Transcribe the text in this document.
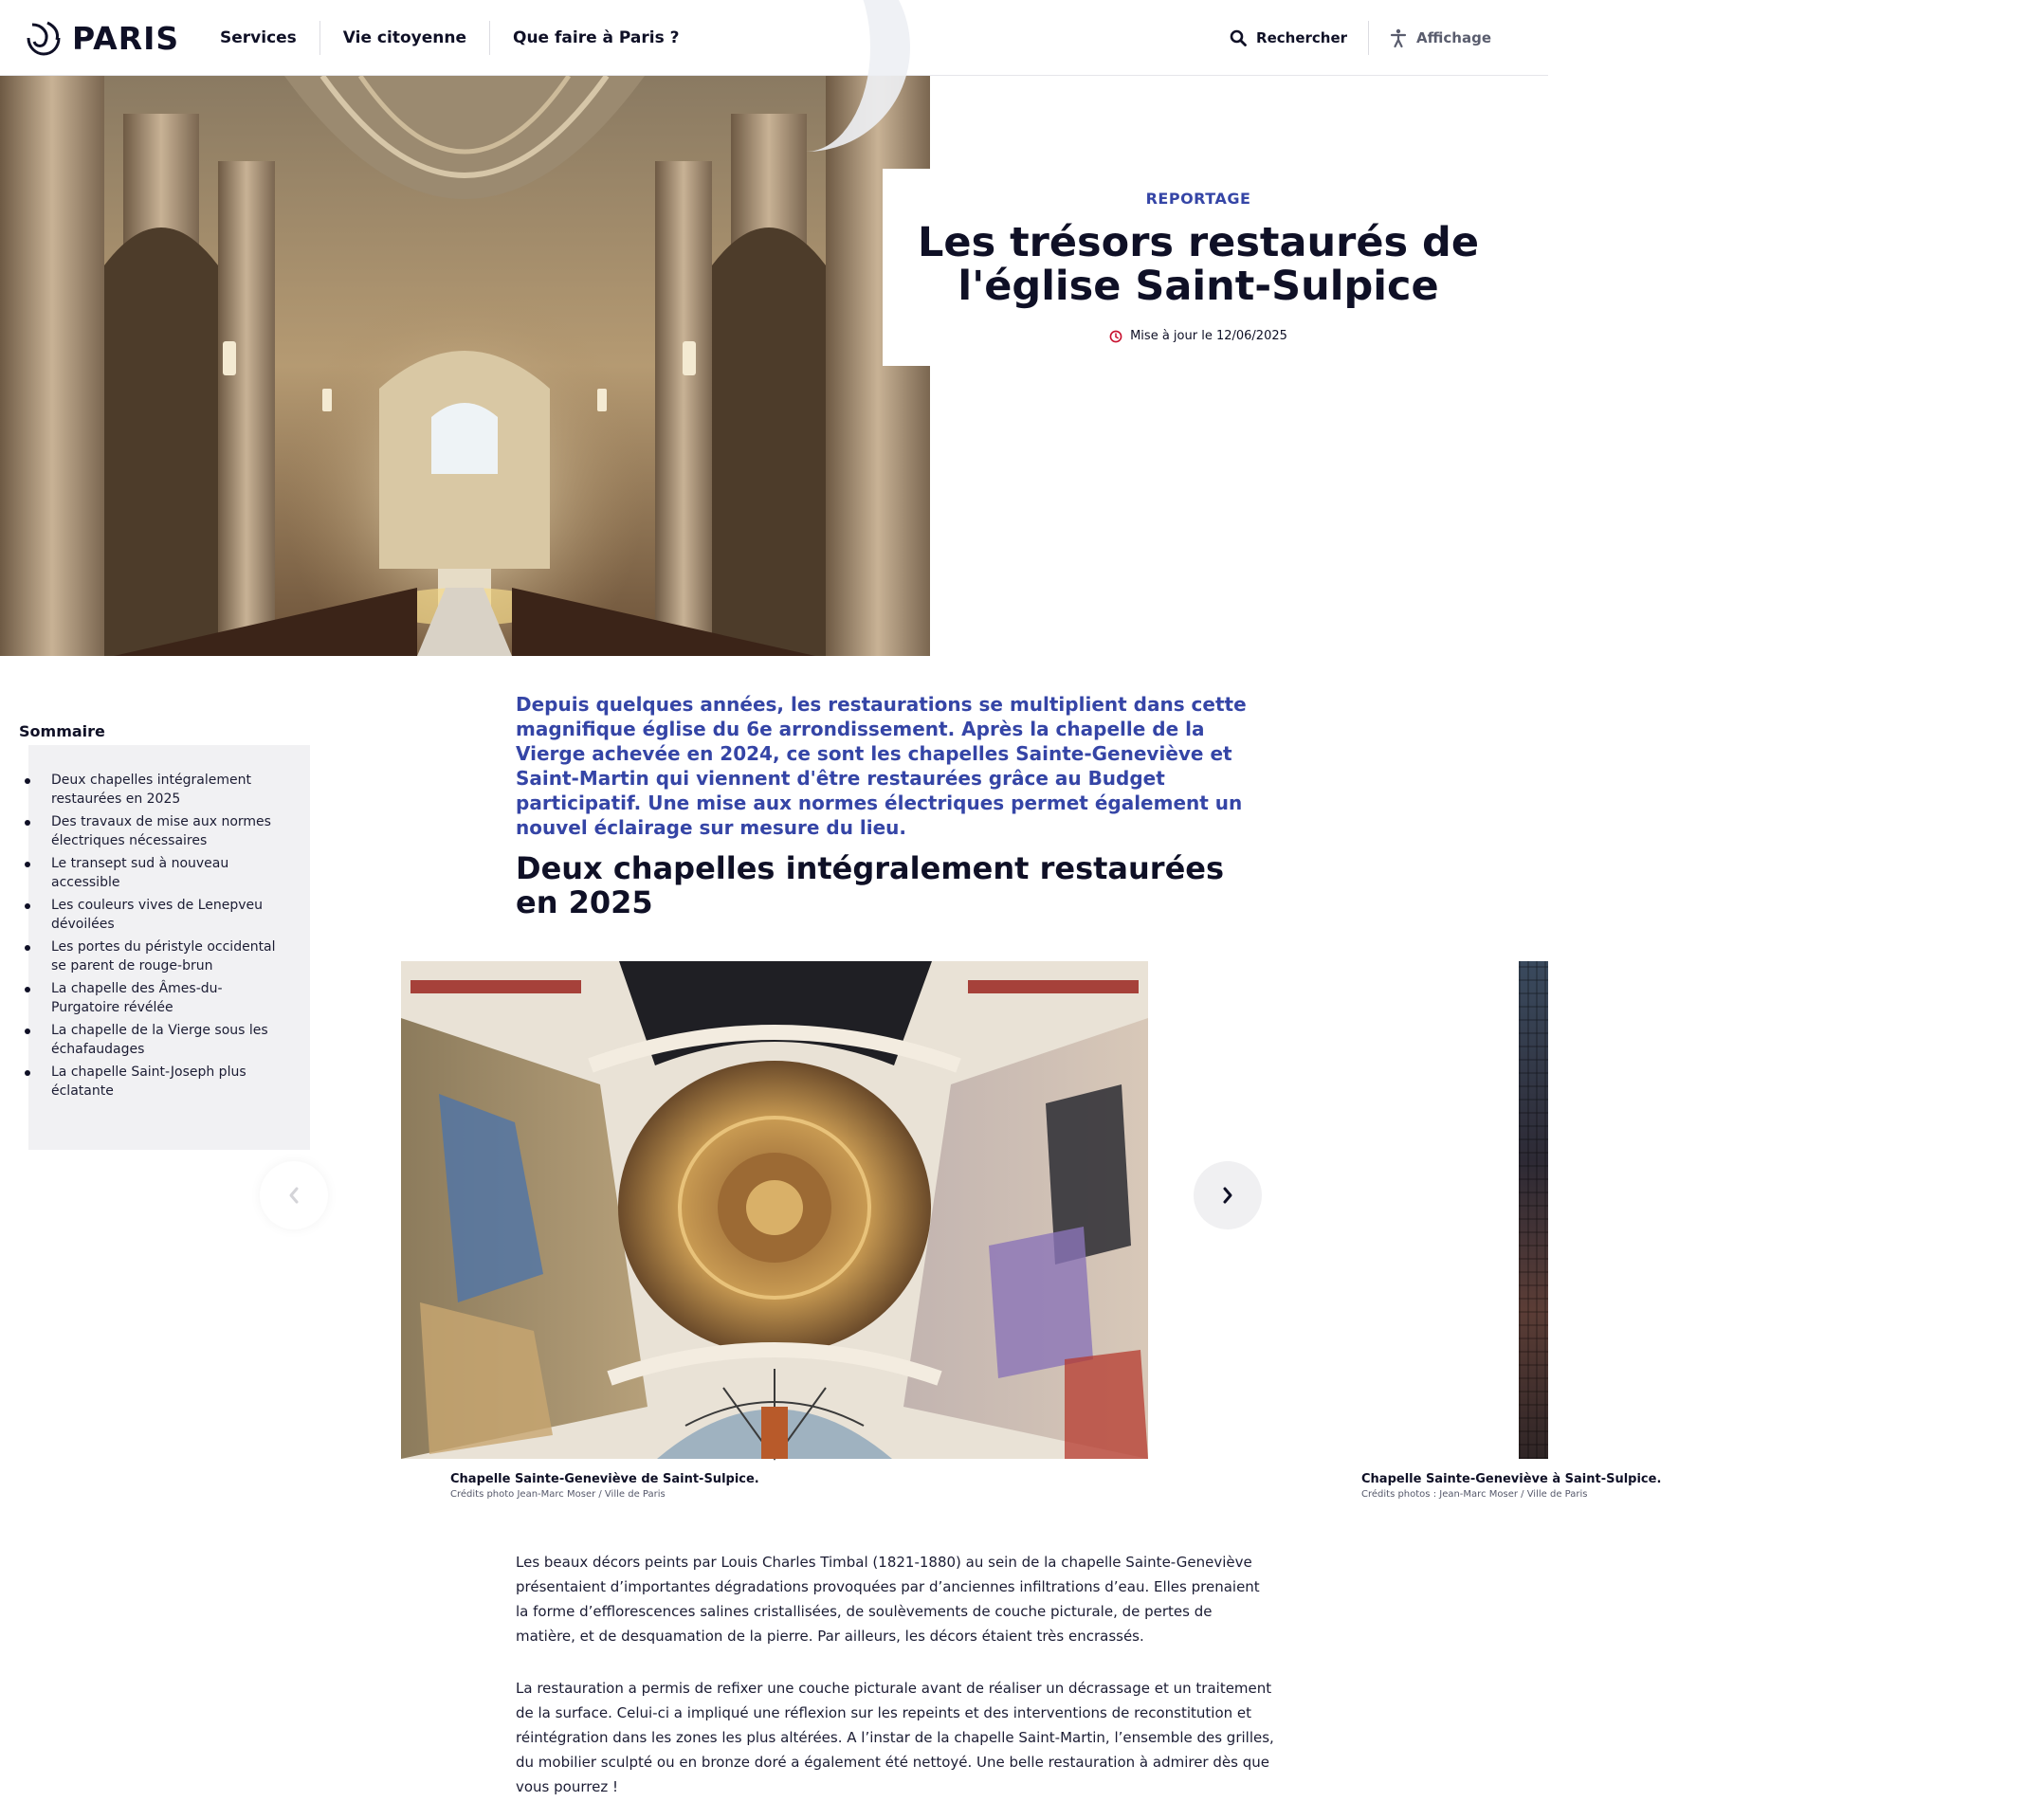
PARIS	Services	Vie citoyenne	Que faire à Paris ?	Rechercher	Affichage
REPORTAGE
Les trésors restaurés de l'église Saint-Sulpice
Mise à jour le 12/06/2025
Sommaire
Deux chapelles intégralement restaurées en 2025
Des travaux de mise aux normes électriques nécessaires
Le transept sud à nouveau accessible
Les couleurs vives de Lenepveu dévoilées
Les portes du péristyle occidental se parent de rouge-brun
La chapelle des Âmes-du-Purgatoire révélée
La chapelle de la Vierge sous les échafaudages
La chapelle Saint-Joseph plus éclatante

Depuis quelques années, les restaurations se multiplient dans cette magnifique église du 6e arrondissement. Après la chapelle de la Vierge achevée en 2024, ce sont les chapelles Sainte-Geneviève et Saint-Martin qui viennent d'être restaurées grâce au Budget participatif. Une mise aux normes électriques permet également un nouvel éclairage sur mesure du lieu.

Deux chapelles intégralement restaurées en 2025
Chapelle Sainte-Geneviève de Saint-Sulpice.
Crédits photo Jean-Marc Moser / Ville de Paris
Chapelle Sainte-Geneviève à Saint-Sulpice.
Crédits photos : Jean-Marc Moser / Ville de Paris

Les beaux décors peints par Louis Charles Timbal (1821-1880) au sein de la chapelle Sainte-Geneviève présentaient d’importantes dégradations provoquées par d’anciennes infiltrations d’eau. Elles prenaient la forme d’efflorescences salines cristallisées, de soulèvements de couche picturale, de pertes de matière, et de desquamation de la pierre. Par ailleurs, les décors étaient très encrassés.

La restauration a permis de refixer une couche picturale avant de réaliser un décrassage et un traitement de la surface. Celui-ci a impliqué une réflexion sur les repeints et des interventions de reconstitution et réintégration dans les zones les plus altérées. A l’instar de la chapelle Saint-Martin, l’ensemble des grilles, du mobilier sculpté ou en bronze doré a également été nettoyé. Une belle restauration à admirer dès que vous pourrez !
